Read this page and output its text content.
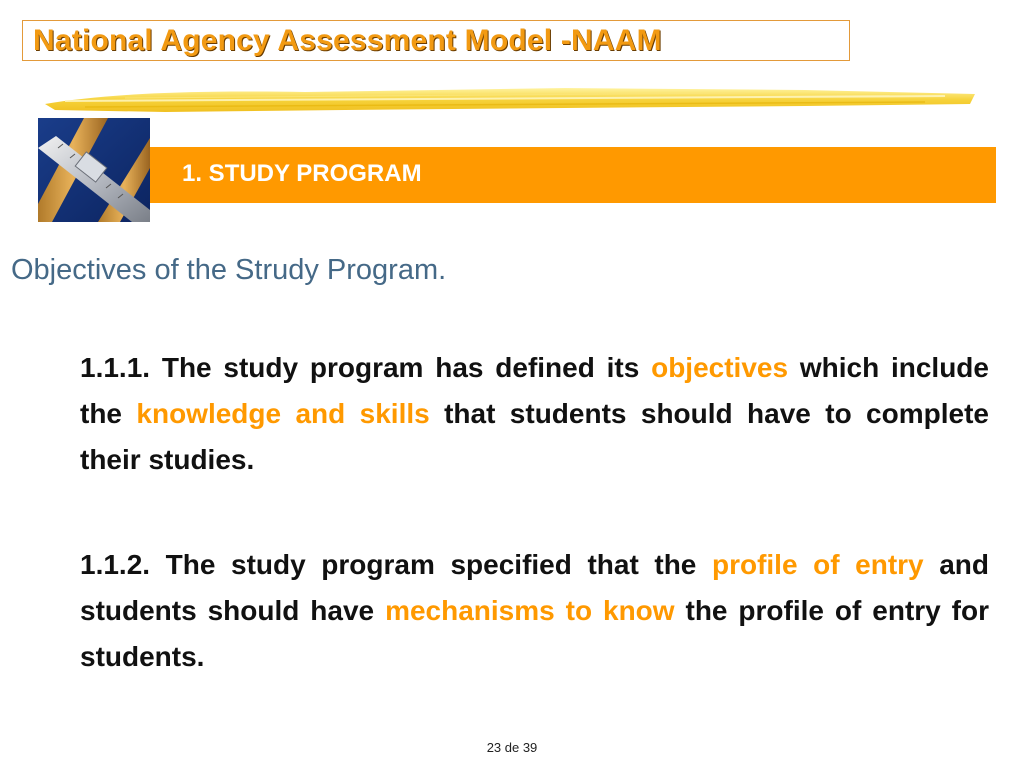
National Agency Assessment Model -NAAM
1. STUDY PROGRAM
Objectives of the Strudy Program.
1.1.1. The study program has defined its objectives which include the knowledge and skills that students should have to complete their studies.
1.1.2. The study program specified that the profile of entry and students should have mechanisms to know the profile of entry for students.
23 de 39
